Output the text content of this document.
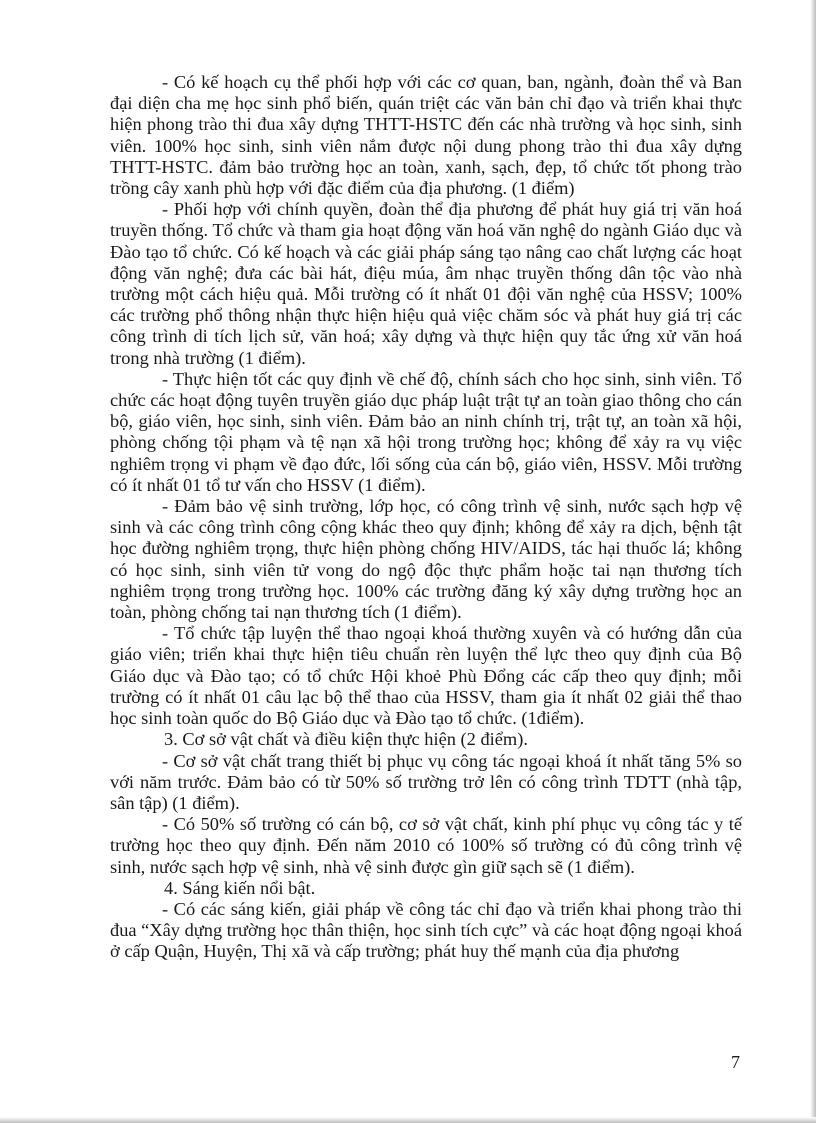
- Có kế hoạch cụ thể phối hợp với các cơ quan, ban, ngành, đoàn thể và Ban đại diện cha mẹ học sinh phổ biến, quán triệt các văn bản chỉ đạo và triển khai thực hiện phong trào thi đua xây dựng THTT-HSTC đến các nhà trường và học sinh, sinh viên. 100% học sinh, sinh viên nắm được nội dung phong trào thi đua xây dựng THTT-HSTC. đảm bảo trường học an toàn, xanh, sạch, đẹp, tổ chức tốt phong trào trồng cây xanh phù hợp với đặc điểm của địa phương. (1 điểm)

- Phối hợp với chính quyền, đoàn thể địa phương để phát huy giá trị văn hoá truyền thống. Tổ chức và tham gia hoạt động văn hoá văn nghệ do ngành Giáo dục và Đào tạo tổ chức. Có kế hoạch và các giải pháp sáng tạo nâng cao chất lượng các hoạt động văn nghệ; đưa các bài hát, điệu múa, âm nhạc truyền thống dân tộc vào nhà trường một cách hiệu quả. Mỗi trường có ít nhất 01 đội văn nghệ của HSSV; 100% các trường phổ thông nhận thực hiện hiệu quả việc chăm sóc và phát huy giá trị các công trình di tích lịch sử, văn hoá; xây dựng và thực hiện quy tắc ứng xử văn hoá trong nhà trường (1 điểm).

- Thực hiện tốt các quy định về chế độ, chính sách cho học sinh, sinh viên. Tổ chức các hoạt động tuyên truyền giáo dục pháp luật trật tự an toàn giao thông cho cán bộ, giáo viên, học sinh, sinh viên. Đảm bảo an ninh chính trị, trật tự, an toàn xã hội, phòng chống tội phạm và tệ nạn xã hội trong trường học; không để xảy ra vụ việc nghiêm trọng vi phạm về đạo đức, lối sống của cán bộ, giáo viên, HSSV. Mỗi trường có ít nhất 01 tổ tư vấn cho HSSV (1 điểm).

- Đảm bảo vệ sinh trường, lớp học, có công trình vệ sinh, nước sạch hợp vệ sinh và các công trình công cộng khác theo quy định; không để xảy ra dịch, bệnh tật học đường nghiêm trọng, thực hiện phòng chống HIV/AIDS, tác hại thuốc lá; không có học sinh, sinh viên tử vong do ngộ độc thực phẩm hoặc tai nạn thương tích nghiêm trọng trong trường học. 100% các trường đăng ký xây dựng trường học an toàn, phòng chống tai nạn thương tích (1 điểm).

- Tổ chức tập luyện thể thao ngoại khoá thường xuyên và có hướng dẫn của giáo viên; triển khai thực hiện tiêu chuẩn rèn luyện thể lực theo quy định của Bộ Giáo dục và Đào tạo; có tổ chức Hội khoẻ Phù Đổng các cấp theo quy định; mỗi trường có ít nhất 01 câu lạc bộ thể thao của HSSV, tham gia ít nhất 02 giải thể thao học sinh toàn quốc do Bộ Giáo dục và Đào tạo tổ chức. (1điểm).

3. Cơ sở vật chất và điều kiện thực hiện (2 điểm).

- Cơ sở vật chất trang thiết bị phục vụ công tác ngoại khoá ít nhất tăng 5% so với năm trước. Đảm bảo có từ 50% số trường trở lên có công trình TDTT (nhà tập, sân tập) (1 điểm).

- Có 50% số trường có cán bộ, cơ sở vật chất, kinh phí phục vụ công tác y tế trường học theo quy định. Đến năm 2010 có 100% số trường có đủ công trình vệ sinh, nước sạch hợp vệ sinh, nhà vệ sinh được gìn giữ sạch sẽ (1 điểm).

4. Sáng kiến nổi bật.

- Có các sáng kiến, giải pháp về công tác chỉ đạo và triển khai phong trào thi đua “Xây dựng trường học thân thiện, học sinh tích cực” và các hoạt động ngoại khoá ở cấp Quận, Huyện, Thị xã và cấp trường; phát huy thế mạnh của địa phương

7
